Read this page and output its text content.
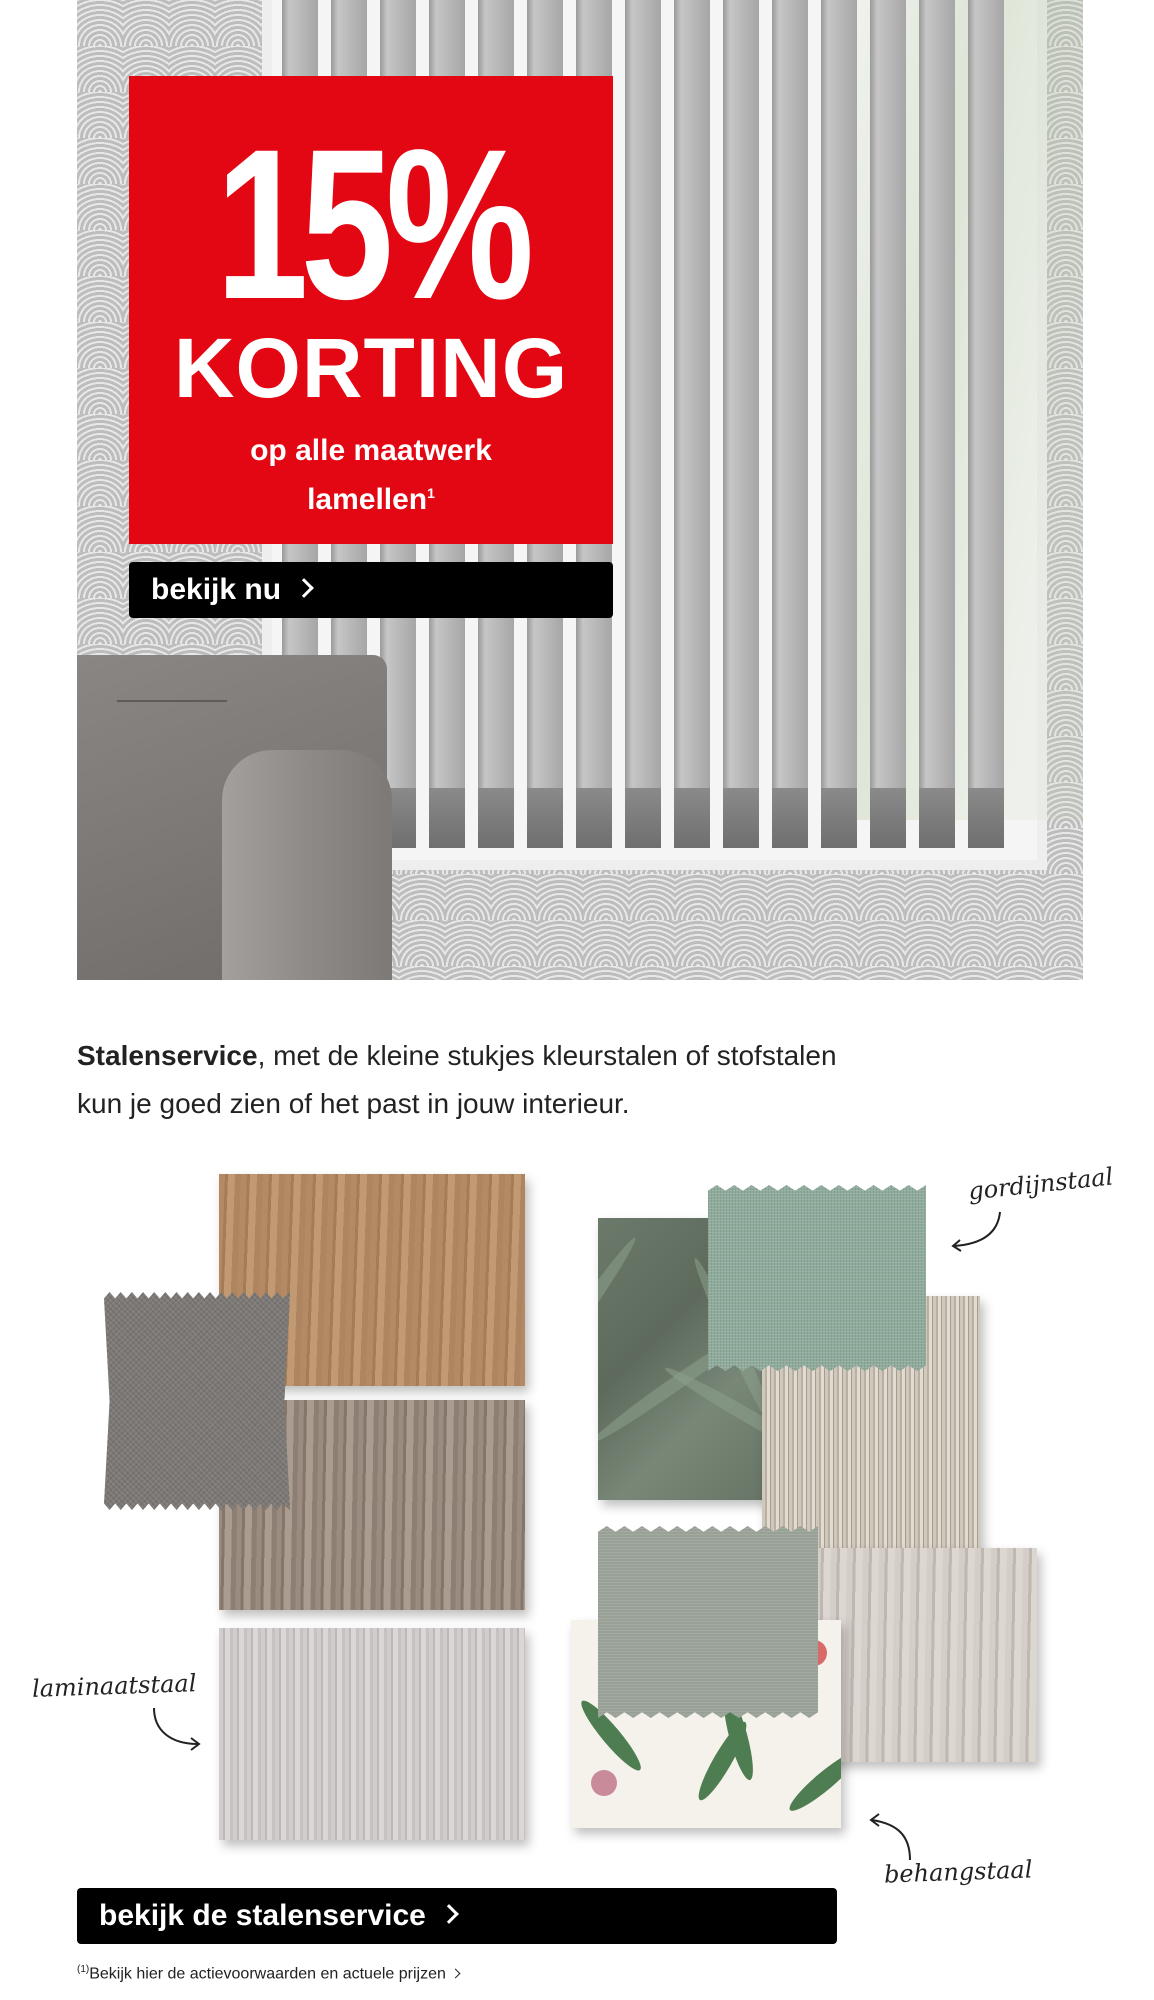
15%
KORTING
op alle maatwerk
lamellen$^1$
bekijk nu
Stalenservice, met de kleine stukjes kleurstalen of stofstalen kun je goed zien of het past in jouw interieur.
gordijnstaal
laminaatstaal
behangstaal
bekijk de stalenservice
$^{(1)}$Bekijk hier de actievoorwaarden en actuele prijzen
